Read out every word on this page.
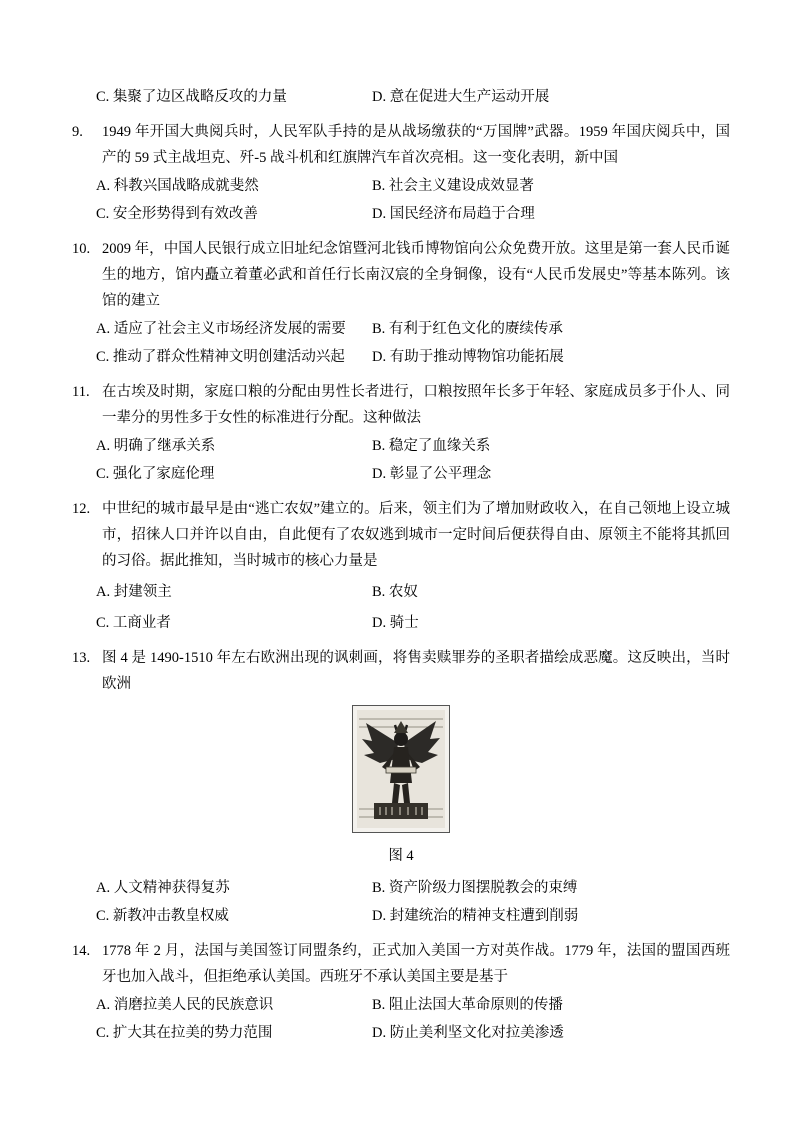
C. 集聚了边区战略反攻的力量	D. 意在促进大生产运动开展
9.	1949 年开国大典阅兵时，人民军队手持的是从战场缴获的“万国牌”武器。1959 年国庆阅兵中，国产的 59 式主战坦克、歼-5 战斗机和红旗牌汽车首次亮相。这一变化表明，新中国
A. 科教兴国战略成就斐然	B. 社会主义建设成效显著
C. 安全形势得到有效改善	D. 国民经济布局趋于合理
10. 2009 年，中国人民银行成立旧址纪念馆暨河北钱币博物馆向公众免费开放。这里是第一套人民币诞生的地方，馆内矗立着董必武和首任行长南汉宸的全身铜像，设有“人民币发展史”等基本陈列。该馆的建立
A. 适应了社会主义市场经济发展的需要	B. 有利于红色文化的赓续传承
C. 推动了群众性精神文明创建活动兴起	D. 有助于推动博物馆功能拓展
11. 在古埃及时期，家庭口粮的分配由男性长者进行，口粮按照年长多于年轻、家庭成员多于仆人、同一辈分的男性多于女性的标准进行分配。这种做法
A. 明确了继承关系	B. 稳定了血缘关系
C. 强化了家庭伦理	D. 彰显了公平理念
12. 中世纪的城市最早是由“逃亡农奴”建立的。后来，领主们为了增加财政收入，在自己领地上设立城市，招徕人口并许以自由，自此便有了农奴逃到城市一定时间后便获得自由、原领主不能将其抓回的习俗。据此推知，当时城市的核心力量是
A. 封建领主	B. 农奴
C. 工商业者	D. 骑士
13. 图 4 是 1490-1510 年左右欧洲出现的讽刺画，将售卖赎罪券的圣职者描绘成恶魔。这反映出，当时欧洲
图 4
A. 人文精神获得复苏	B. 资产阶级力图摆脱教会的束缚
C. 新教冲击教皇权威	D. 封建统治的精神支柱遭到削弱
14. 1778 年 2 月，法国与美国签订同盟条约，正式加入美国一方对英作战。1779 年，法国的盟国西班牙也加入战斗，但拒绝承认美国。西班牙不承认美国主要是基于
A. 消磨拉美人民的民族意识	B. 阻止法国大革命原则的传播
C. 扩大其在拉美的势力范围	D. 防止美利坚文化对拉美渗透
